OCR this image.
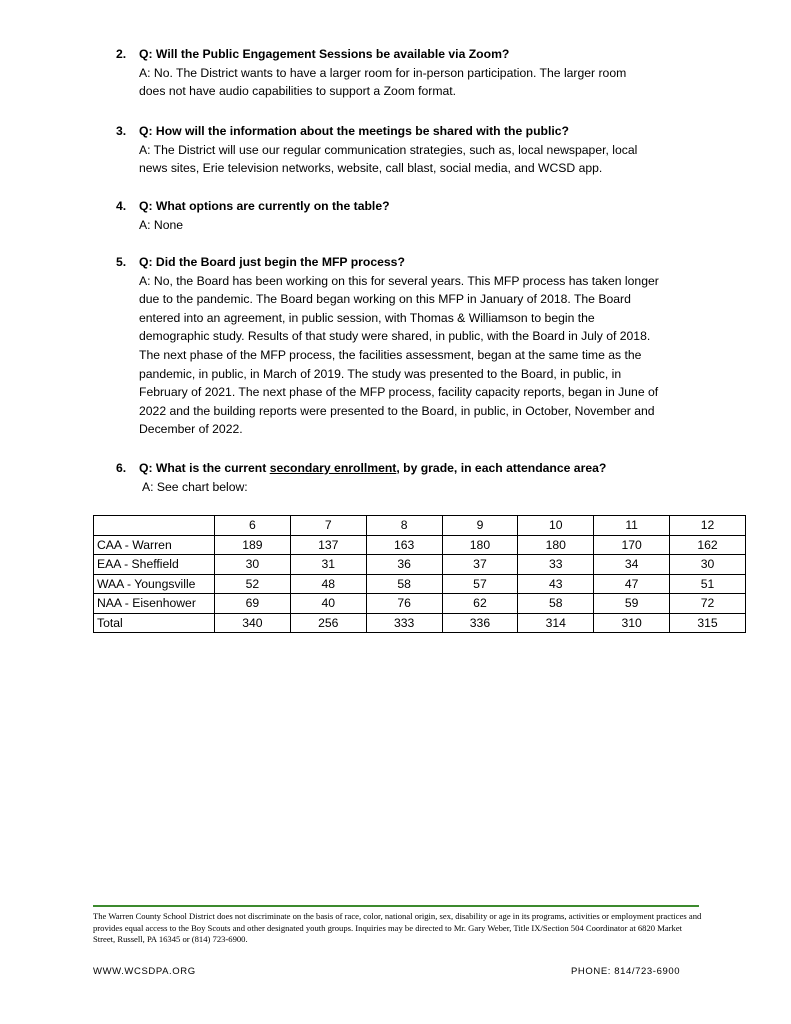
2. Q: Will the Public Engagement Sessions be available via Zoom?
A: No. The District wants to have a larger room for in-person participation. The larger room
does not have audio capabilities to support a Zoom format.
3. Q: How will the information about the meetings be shared with the public?
A: The District will use our regular communication strategies, such as, local newspaper, local
news sites, Erie television networks, website, call blast, social media, and WCSD app.
4. Q: What options are currently on the table?
A: None
5. Q: Did the Board just begin the MFP process?
A: No, the Board has been working on this for several years. This MFP process has taken longer
due to the pandemic. The Board began working on this MFP in January of 2018. The Board
entered into an agreement, in public session, with Thomas & Williamson to begin the
demographic study. Results of that study were shared, in public, with the Board in July of 2018.
The next phase of the MFP process, the facilities assessment, began at the same time as the
pandemic, in public, in March of 2019. The study was presented to the Board, in public, in
February of 2021. The next phase of the MFP process, facility capacity reports, began in June of
2022 and the building reports were presented to the Board, in public, in October, November and
December of 2022.
6. Q: What is the current secondary enrollment, by grade, in each attendance area?
A: See chart below:
	6	7	8	9	10	11	12
CAA - Warren	189	137	163	180	180	170	162
EAA - Sheffield	30	31	36	37	33	34	30
WAA - Youngsville	52	48	58	57	43	47	51
NAA - Eisenhower	69	40	76	62	58	59	72
Total	340	256	333	336	314	310	315
The Warren County School District does not discriminate on the basis of race, color, national origin, sex, disability or age in its programs, activities or employment practices and provides equal access to the Boy Scouts and other designated youth groups. Inquiries may be directed to Mr. Gary Weber, Title IX/Section 504 Coordinator at 6820 Market Street, Russell, PA 16345 or (814) 723-6900.
WWW.WCSDPA.ORG	PHONE: 814/723-6900
